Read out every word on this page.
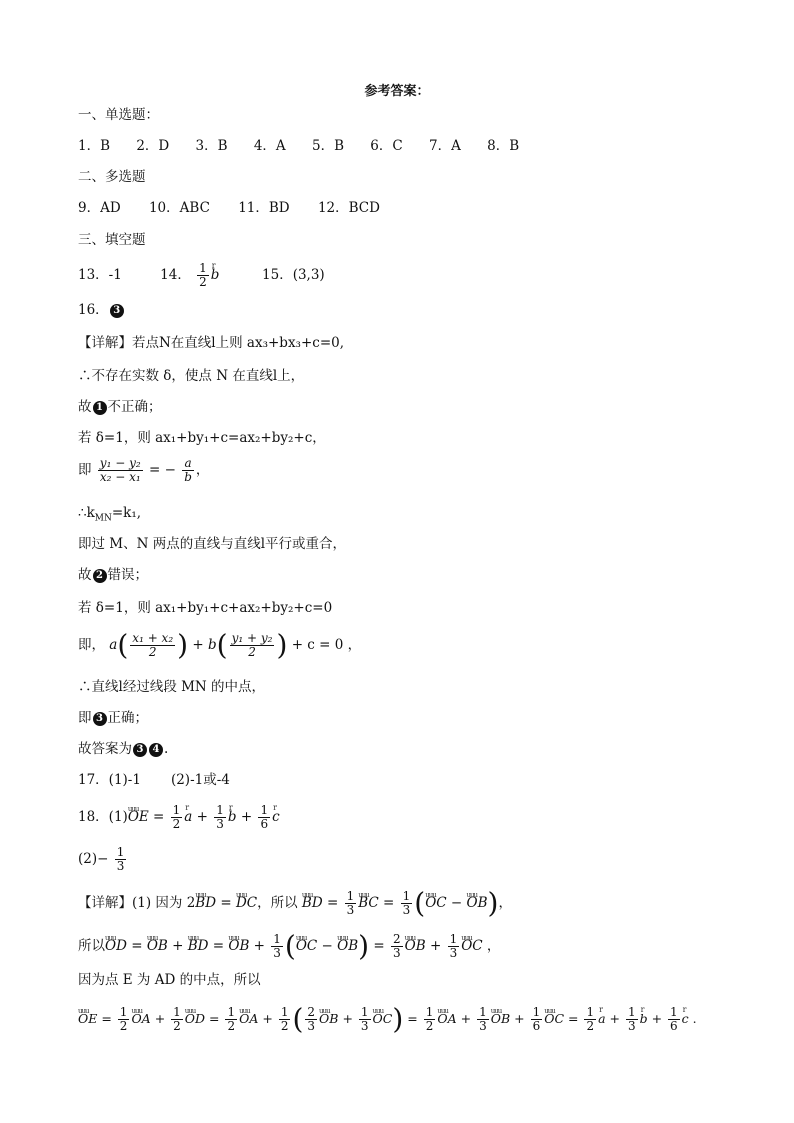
参考答案：
一、单选题：
1．B 2．D 3．B 4．A 5．B 6．C 7．A 8．B
二、多选题
9．AD 10．ABC 11．BD 12．BCD
三、填空题
13．-1	14． $\frac{1}{2}$ r b	15．(3,3)
16． 3
【详解】若点N在直线l上则 ax₃+bx₃+c=0,
∴不存在实数 δ，使点 N 在直线l上，
故 1 不正确；
若 δ=1，则 ax₁+by₁+c=ax₂+by₂+c，
即 $\frac{\text{y₁ − y₂}}{\text{x₂ − x₁}}$ = − $\frac{a}{b}$ ，
$\therefore k_{MN}=k_1$,
即过 M、N 两点的直线与直线l平行或重合，
故 2 错误；
若 δ=1，则 ax₁+by₁+c+ax₂+by₂+c=0
即， $a( \frac{\text{x₁ + x₂}}{2}$ ) + $b( \frac{\text{y₁ + y₂}}{2}$ ) + c = 0 ，
∴直线l经过线段 MN 的中点，
即 3 正确；
故答案为 3 4 .
17．(1)-1 (2)-1或-4
18．(1)uuu OE = $\frac{1}{2}$ r $a + \frac{1}{3}$ r $b + \frac{1}{6}$ r c
$(2)- \frac{1}{3}$
【详解】(1) 因为 2uuu BD = uuu DC，所以 uuu BD = $\frac{1}{3}$ uuu BC = $\frac{1}{3} (uuu$ OC − uuu OB)，
所以uuu OD = uuu OB + uuu BD = uuu OB + $\frac{1}{3} (uuu$ OC − uuu $OB) = \frac{2}{3}$ uuu OB + $\frac{1}{3}$ uuu OC ，
因为点 E 为 AD 的中点，所以
uuu OE = $\frac{1}{2}$ uuu OA + $\frac{1}{2}$ uuu OD = $\frac{1}{2}$ uuu OA + $\frac{1}{2}$ ( $\frac{2}{3}$ uuu OB + $\frac{1}{3}$ uuu $OC) = \frac{1}{2}$ uuu OA + $\frac{1}{3}$ uuu OB + $\frac{1}{6}$ uuu OC = $\frac{1}{2}$ r $a + \frac{1}{3}$ r $b + \frac{1}{6}$ r c .
